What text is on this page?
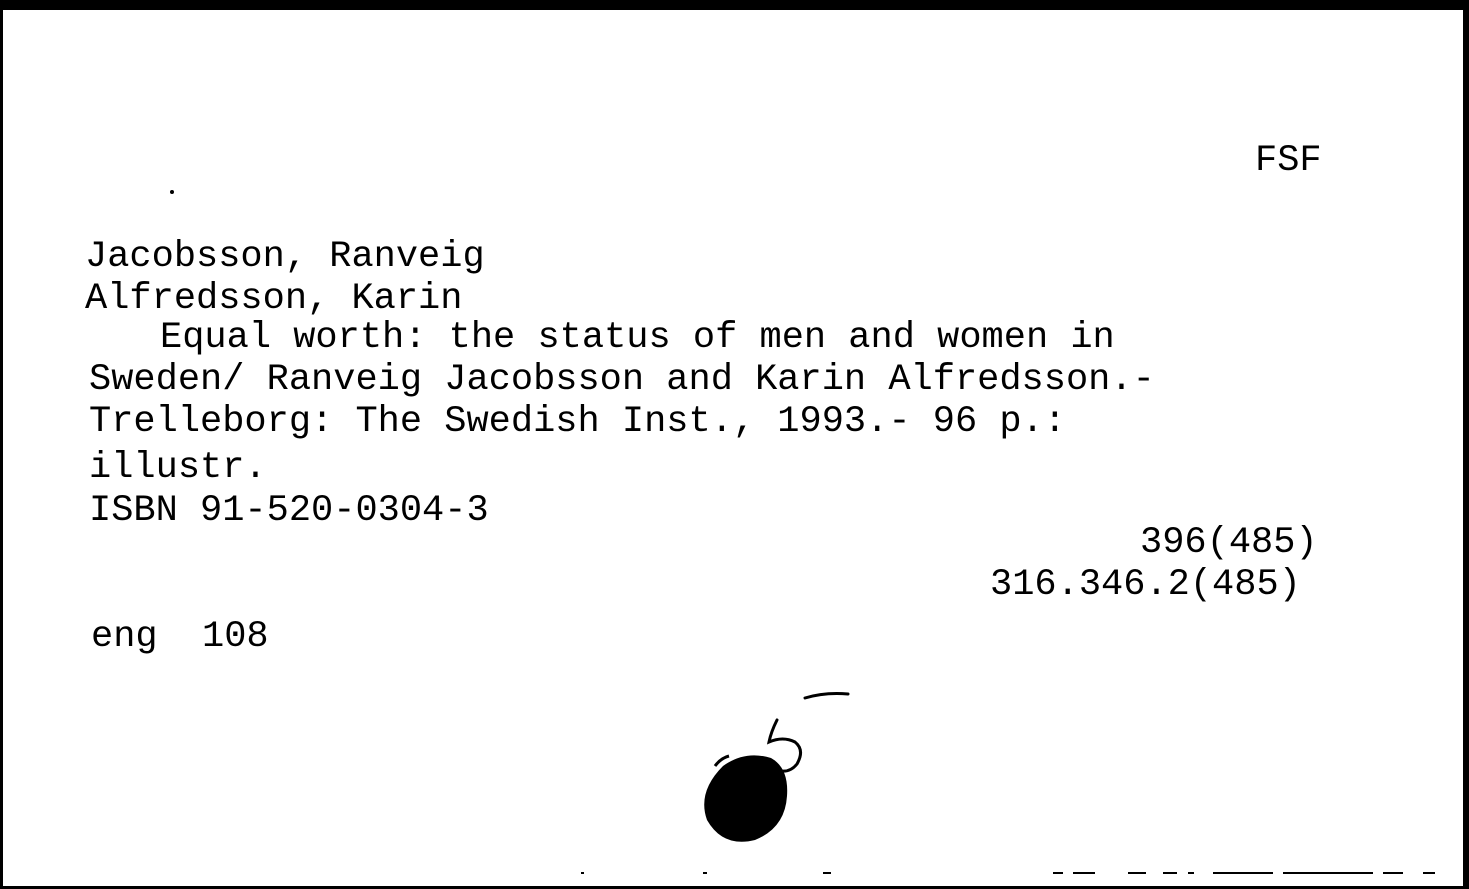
FSF
Jacobsson, Ranveig
Alfredsson, Karin
Equal worth: the status of men and women in
Sweden/ Ranveig Jacobsson and Karin Alfredsson.-
Trelleborg: The Swedish Inst., 1993.- 96 p.:
illustr.
ISBN 91-520-0304-3
396(485)
316.346.2(485)
eng  108
